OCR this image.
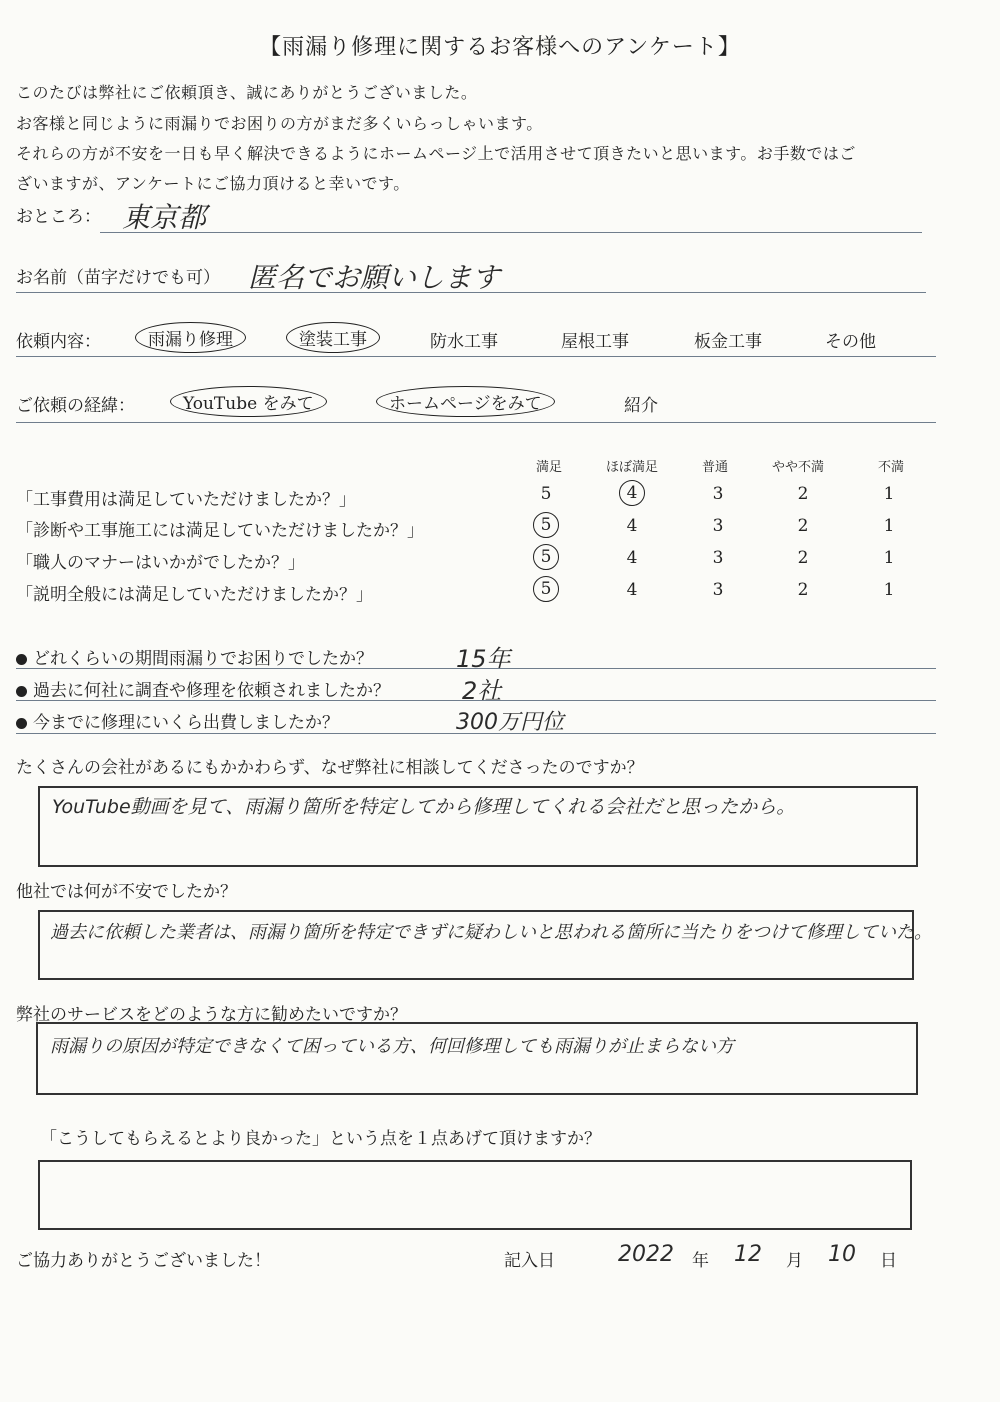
【雨漏り修理に関するお客様へのアンケート】
このたびは弊社にご依頼頂き、誠にありがとうございました。
お客様と同じように雨漏りでお困りの方がまだ多くいらっしゃいます。
それらの方が不安を一日も早く解決できるようにホームページ上で活用させて頂きたいと思います。お手数ではご
ざいますが、アンケートにご協力頂けると幸いです。
おところ： 東京都
お名前（苗字だけでも可） 匿名でお願いします
依頼内容：	雨漏り修理	塗装工事	防水工事	屋根工事	板金工事	その他
ご依頼の経緯：	YouTube をみて	ホームページをみて	紹介
満足	ほぼ満足	普通	やや不満	不満
「工事費用は満足していただけましたか？」	5	4	3	2	1
「診断や工事施工には満足していただけましたか？」	5	4	3	2	1
「職人のマナーはいかがでしたか？」	5	4	3	2	1
「説明全般には満足していただけましたか？」	5	4	3	2	1
どれくらいの期間雨漏りでお困りでしたか？	15年
過去に何社に調査や修理を依頼されましたか？	2社
今までに修理にいくら出費しましたか？	300万円位
たくさんの会社があるにもかかわらず、なぜ弊社に相談してくださったのですか？
YouTube動画を見て、雨漏り箇所を特定してから修理してくれる会社だと思ったから。
他社では何が不安でしたか？
過去に依頼した業者は、雨漏り箇所を特定できずに疑わしいと思われる箇所に当たりをつけて修理していた。
弊社のサービスをどのような方に勧めたいですか？
雨漏りの原因が特定できなくて困っている方、何回修理しても雨漏りが止まらない方
「こうしてもらえるとより良かった」という点を１点あげて頂けますか？
ご協力ありがとうございました！	記入日	2022 年 12 月 10 日
